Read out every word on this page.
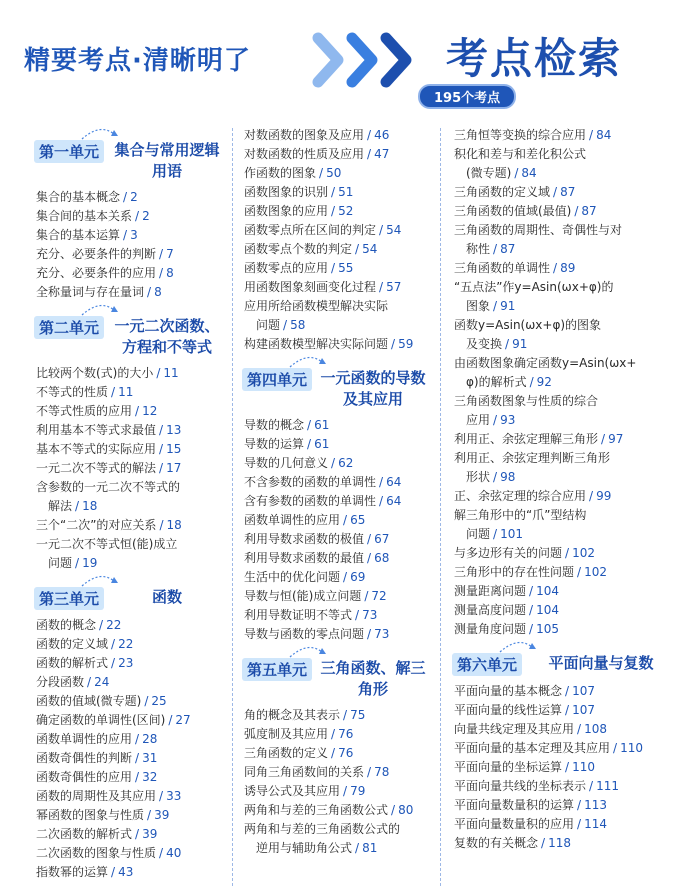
精要考点·清晰明了	考点检索
195个考点
第一单元	集合与常用逻辑用语
集合的基本概念 / 2
集合间的基本关系 / 2
集合的基本运算 / 3
充分、必要条件的判断 / 7
充分、必要条件的应用 / 8
全称量词与存在量词 / 8
第二单元	一元二次函数、方程和不等式
比较两个数(式)的大小 / 11
不等式的性质 / 11
不等式性质的应用 / 12
利用基本不等式求最值 / 13
基本不等式的实际应用 / 15
一元二次不等式的解法 / 17
含参数的一元二次不等式的
解法 / 18
三个“二次”的对应关系 / 18
一元二次不等式恒(能)成立
问题 / 19
第三单元	函数
函数的概念 / 22
函数的定义域 / 22
函数的解析式 / 23
分段函数 / 24
函数的值域(微专题) / 25
确定函数的单调性(区间) / 27
函数单调性的应用 / 28
函数奇偶性的判断 / 31
函数奇偶性的应用 / 32
函数的周期性及其应用 / 33
幂函数的图象与性质 / 39
二次函数的解析式 / 39
二次函数的图象与性质 / 40
指数幂的运算 / 43
对数函数的图象及应用 / 46
对数函数的性质及应用 / 47
作函数的图象 / 50
函数图象的识别 / 51
函数图象的应用 / 52
函数零点所在区间的判定 / 54
函数零点个数的判定 / 54
函数零点的应用 / 55
用函数图象刻画变化过程 / 57
应用所给函数模型解决实际
问题 / 58
构建函数模型解决实际问题 / 59
第四单元 一元函数的导数及其应用
导数的概念 / 61
导数的运算 / 61
导数的几何意义 / 62
不含参数的函数的单调性 / 64
含有参数的函数的单调性 / 64
函数单调性的应用 / 65
利用导数求函数的极值 / 67
利用导数求函数的最值 / 68
生活中的优化问题 / 69
导数与恒(能)成立问题 / 72
利用导数证明不等式 / 73
导数与函数的零点问题 / 73
第五单元 三角函数、解三角形
角的概念及其表示 / 75
弧度制及其应用 / 76
三角函数的定义 / 76
同角三角函数间的关系 / 78
诱导公式及其应用 / 79
两角和与差的三角函数公式 / 80
两角和与差的三角函数公式的
逆用与辅助角公式 / 81
三角恒等变换的综合应用 / 84
积化和差与和差化积公式
(微专题) / 84
三角函数的定义域 / 87
三角函数的值域(最值) / 87
三角函数的周期性、奇偶性与对
称性 / 87
三角函数的单调性 / 89
“五点法”作y=Asin(ωx+φ)的
图象 / 91
函数y=Asin(ωx+φ)的图象
及变换 / 91
由函数图象确定函数y=Asin(ωx+
φ)的解析式 / 92
三角函数图象与性质的综合
应用 / 93
利用正、余弦定理解三角形 / 97
利用正、余弦定理判断三角形
形状 / 98
正、余弦定理的综合应用 / 99
解三角形中的“爪”型结构
问题 / 101
与多边形有关的问题 / 102
三角形中的存在性问题 / 102
测量距离问题 / 104
测量高度问题 / 104
测量角度问题 / 105
第六单元	平面向量与复数
平面向量的基本概念 / 107
平面向量的线性运算 / 107
向量共线定理及其应用 / 108
平面向量的基本定理及其应用 / 110
平面向量的坐标运算 / 110
平面向量共线的坐标表示 / 111
平面向量数量积的运算 / 113
平面向量数量积的应用 / 114
复数的有关概念 / 118
